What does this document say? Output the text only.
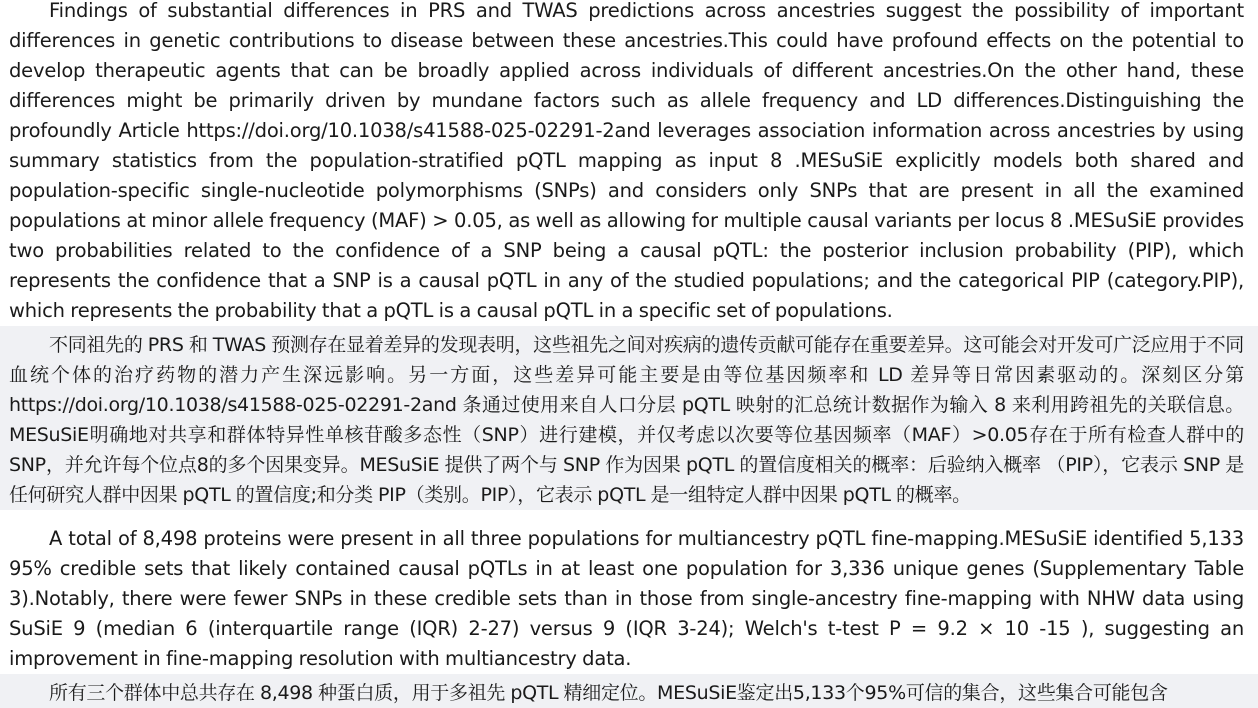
Findings of substantial differences in PRS and TWAS predictions across ancestries suggest the possibility of important differences in genetic contributions to disease between these ancestries.This could have profound effects on the potential to develop therapeutic agents that can be broadly applied across individuals of different ancestries.On the other hand, these differences might be primarily driven by mundane factors such as allele frequency and LD differences.Distinguishing the profoundly Article https://doi.org/10.1038/s41588-025-02291-2and leverages association information across ancestries by using summary statistics from the population-stratified pQTL mapping as input 8 .MESuSiE explicitly models both shared and population-specific single-nucleotide polymorphisms (SNPs) and considers only SNPs that are present in all the examined populations at minor allele frequency (MAF) > 0.05, as well as allowing for multiple causal variants per locus 8 .MESuSiE provides two probabilities related to the confidence of a SNP being a causal pQTL: the posterior inclusion probability (PIP), which represents the confidence that a SNP is a causal pQTL in any of the studied populations; and the categorical PIP (category.PIP), which represents the probability that a pQTL is a causal pQTL in a specific set of populations.

不同祖先的 PRS 和 TWAS 预测存在显着差异的发现表明，这些祖先之间对疾病的遗传贡献可能存在重要差异。这可能会对开发可广泛应用于不同血统个体的治疗药物的潜力产生深远影响。另一方面，这些差异可能主要是由等位基因频率和 LD 差异等日常因素驱动的。深刻区分第 https://doi.org/10.1038/s41588-025-02291-2and 条通过使用来自人口分层 pQTL 映射的汇总统计数据作为输入 8 来利用跨祖先的关联信息。MESuSiE明确地对共享和群体特异性单核苷酸多态性（SNP）进行建模，并仅考虑以次要等位基因频率（MAF）>0.05存在于所有检查人群中的SNP，并允许每个位点8的多个因果变异。MESuSiE 提供了两个与 SNP 作为因果 pQTL 的置信度相关的概率：后验纳入概率 （PIP），它表示 SNP 是任何研究人群中因果 pQTL 的置信度;和分类 PIP（类别。PIP），它表示 pQTL 是一组特定人群中因果 pQTL 的概率。

A total of 8,498 proteins were present in all three populations for multiancestry pQTL fine-mapping.MESuSiE identified 5,133 95% credible sets that likely contained causal pQTLs in at least one population for 3,336 unique genes (Supplementary Table 3).Notably, there were fewer SNPs in these credible sets than in those from single-ancestry fine-mapping with NHW data using SuSiE 9 (median 6 (interquartile range (IQR) 2-27) versus 9 (IQR 3-24); Welch's t-test P = 9.2 × 10 -15 ), suggesting an improvement in fine-mapping resolution with multiancestry data.

所有三个群体中总共存在 8,498 种蛋白质，用于多祖先 pQTL 精细定位。MESuSiE鉴定出5,133个95%可信的集合，这些集合可能包含
